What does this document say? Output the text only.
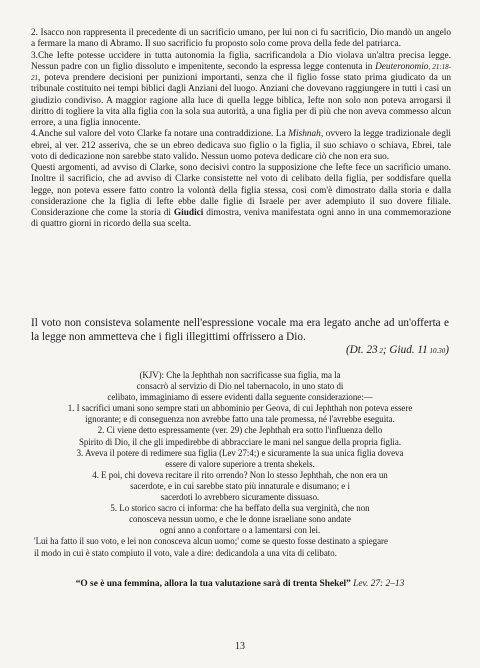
2. Isacco non rappresenta il precedente di un sacrificio umano, per lui non ci fu sacrificio, Dio mandò un angelo a fermare la mano di Abramo. Il suo sacrificio fu proposto solo come prova della fede del patriarca.

3.Che Iefte potesse uccidere in tutta autonomia la figlia, sacrificandola a Dio violava un'altra precisa legge. Nessun padre con un figlio dissoluto e impenitente, secondo la espressa legge contenuta in Deuteronomio, 21:18-21, poteva prendere decisioni per punizioni importanti, senza che il figlio fosse stato prima giudicato da un tribunale costituito nei tempi biblici dagli Anziani del luogo. Anziani che dovevano raggiungere in tutti i casi un giudizio condiviso. A maggior ragione alla luce di quella legge biblica, Iefte non solo non poteva arrogarsi il diritto di togliere la vita alla figlia con la sola sua autorità, a una figlia per di più che non aveva commesso alcun errore, a una figlia innocente.

4.Anche sul valore del voto Clarke fa notare una contraddizione. La Mishnah, ovvero la legge tradizionale degli ebrei, al ver. 212 asseriva, che se un ebreo dedicava suo figlio o la figlia, il suo schiavo o schiava, Ebrei, tale voto di dedicazione non sarebbe stato valido. Nessun uomo poteva dedicare ciò che non era suo.

Questi argomenti, ad avviso di Clarke, sono decisivi contro la supposizione che Iefte fece un sacrificio umano. Inoltre il sacrificio, che ad avviso di Clarke consistette nel voto di celibato della figlia, per soddisfare quella legge, non poteva essere fatto contro la volontà della figlia stessa, così com'è dimostrato dalla storia e dalla considerazione che la figlia di Iefte ebbe dalle figlie di Israele per aver adempiuto il suo dovere filiale. Considerazione che come la storia di Giudici dimostra, veniva manifestata ogni anno in una commemorazione di quattro giorni in ricordo della sua scelta.

Il voto non consisteva solamente nell'espressione vocale ma era legato anche ad un'offerta e la legge non ammetteva che i figli illegittimi offrissero a Dio.

(Dt. 23 2; Giud. 11 10.30)

(KJV): Che la Jephthah non sacrificasse sua figlia, ma la

consacrò al servizio di Dio nel tabernacolo, in uno stato di

celibato, immaginiamo di essere evidenti dalla seguente considerazione:—

1. I sacrifici umani sono sempre stati un abbominio per Geova, di cui Jephthah non poteva essere

ignorante; e di conseguenza non avrebbe fatto una tale promessa, né l'avrebbe eseguita.

2. Ci viene detto espressamente (ver. 29) che Jephthah era sotto l'influenza dello

Spirito di Dio, il che gli impedirebbe di abbracciare le mani nel sangue della propria figlia.

3. Aveva il potere di redimere sua figlia (Lev 27:4;) e sicuramente la sua unica figlia doveva

essere di valore superiore a trenta shekels.

4. E poi, chi doveva recitare il rito orrendo? Non lo stesso Jephthah, che non era un

sacerdote, e in cui sarebbe stato più innaturale e disumano; e i

sacerdoti lo avrebbero sicuramente dissuaso.

5. Lo storico sacro ci informa: che ha beffato della sua verginità, che non

conosceva nessun uomo, e che le donne israeliane sono andate

ogni anno a confortare o a lamentarsi con lei.

'Lui ha fatto il suo voto, e lei non conosceva alcun uomo;' come se questo fosse destinato a spiegare

il modo in cui è stato compiuto il voto, vale a dire: dedicandola a una vita di celibato.

“O se è una femmina, allora la tua valutazione sarà di trenta Shekel” Lev. 27: 2–13
13
